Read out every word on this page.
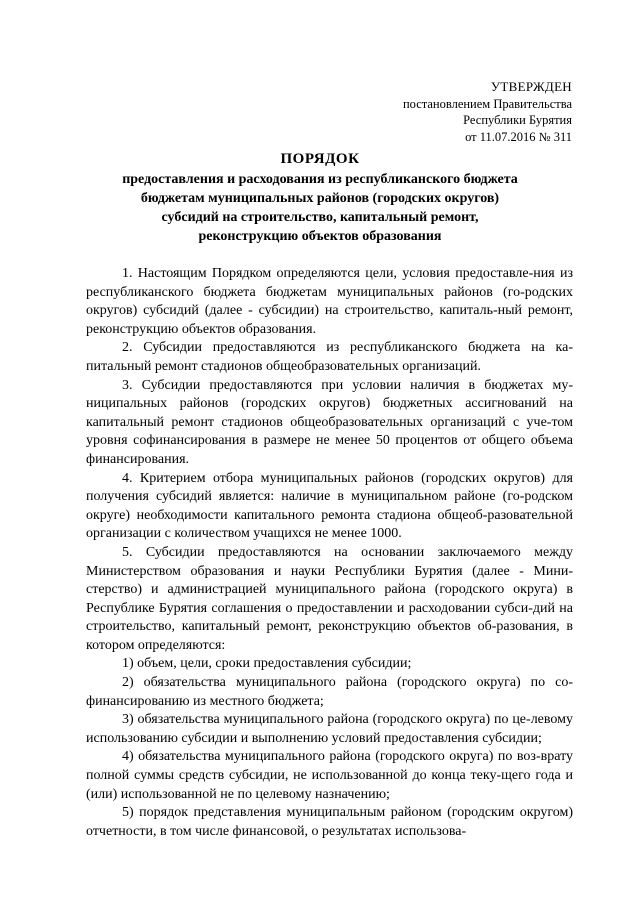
УТВЕРЖДЕН
постановлением Правительства
Республики Бурятия
от 11.07.2016 № 311
ПОРЯДОК
предоставления и расходования из республиканского бюджета
бюджетам муниципальных районов (городских округов)
субсидий на строительство, капитальный ремонт,
реконструкцию объектов образования

1. Настоящим Порядком определяются цели, условия предоставле-ния из республиканского бюджета бюджетам муниципальных районов (го-родских округов) субсидий (далее - субсидии) на строительство, капиталь-ный ремонт, реконструкцию объектов образования.

2. Субсидии предоставляются из республиканского бюджета на ка-питальный ремонт стадионов общеобразовательных организаций.

3. Субсидии предоставляются при условии наличия в бюджетах му-ниципальных районов (городских округов) бюджетных ассигнований на капитальный ремонт стадионов общеобразовательных организаций с уче-том уровня софинансирования в размере не менее 50 процентов от общего объема финансирования.

4. Критерием отбора муниципальных районов (городских округов) для получения субсидий является: наличие в муниципальном районе (го-родском округе) необходимости капитального ремонта стадиона общеоб-разовательной организации с количеством учащихся не менее 1000.

5. Субсидии предоставляются на основании заключаемого между Министерством образования и науки Республики Бурятия (далее - Мини-стерство) и администрацией муниципального района (городского округа) в Республике Бурятия соглашения о предоставлении и расходовании субси-дий на строительство, капитальный ремонт, реконструкцию объектов об-разования, в котором определяются:

1) объем, цели, сроки предоставления субсидии;

2) обязательства муниципального района (городского округа) по со-финансированию из местного бюджета;

3) обязательства муниципального района (городского округа) по це-левому использованию субсидии и выполнению условий предоставления субсидии;

4) обязательства муниципального района (городского округа) по воз-врату полной суммы средств субсидии, не использованной до конца теку-щего года и (или) использованной не по целевому назначению;

5) порядок представления муниципальным районом (городским округом) отчетности, в том числе финансовой, о результатах использова-
